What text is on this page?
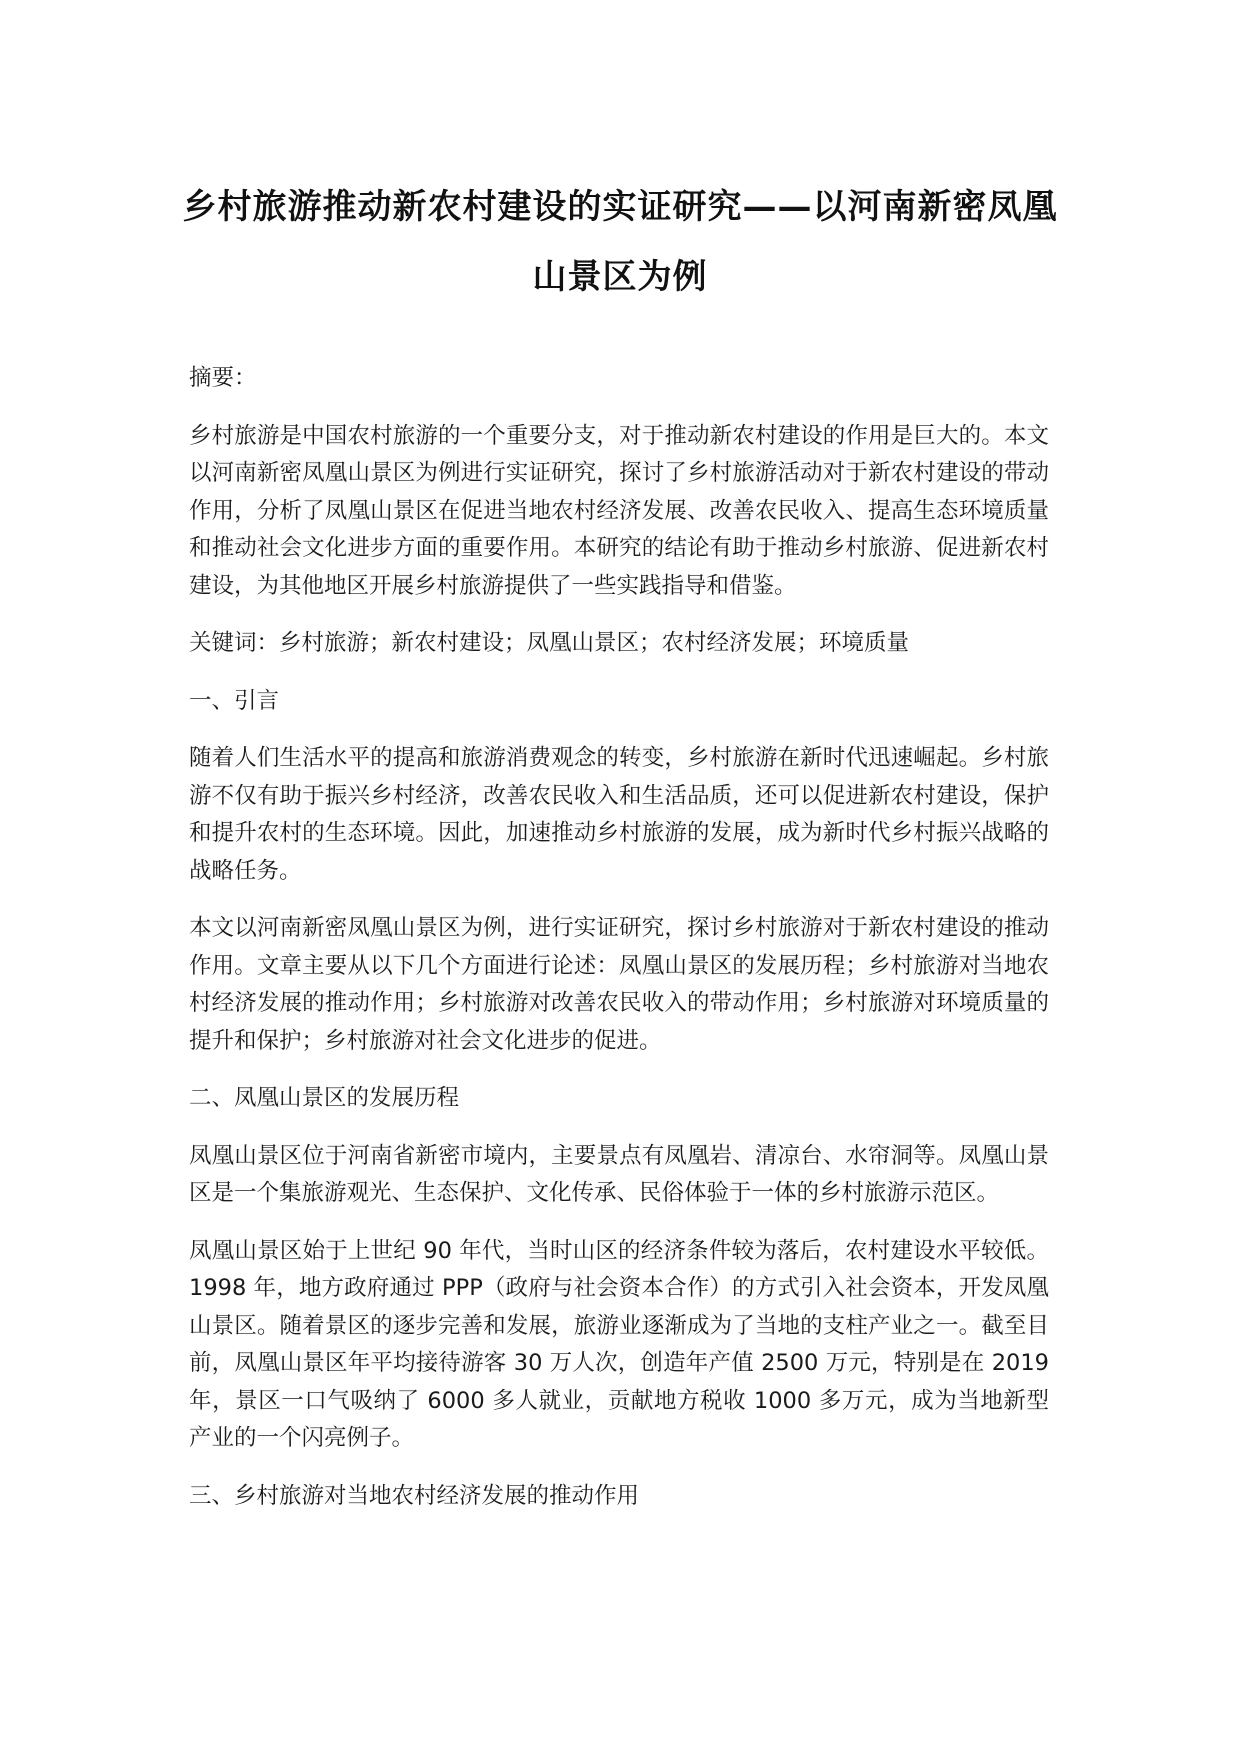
乡村旅游推动新农村建设的实证研究——以河南新密凤凰
山景区为例

摘要：

乡村旅游是中国农村旅游的一个重要分支，对于推动新农村建设的作用是巨大的。本文以河南新密凤凰山景区为例进行实证研究，探讨了乡村旅游活动对于新农村建设的带动作用，分析了凤凰山景区在促进当地农村经济发展、改善农民收入、提高生态环境质量和推动社会文化进步方面的重要作用。本研究的结论有助于推动乡村旅游、促进新农村建设，为其他地区开展乡村旅游提供了一些实践指导和借鉴。

关键词：乡村旅游；新农村建设；凤凰山景区；农村经济发展；环境质量

一、引言

随着人们生活水平的提高和旅游消费观念的转变，乡村旅游在新时代迅速崛起。乡村旅游不仅有助于振兴乡村经济，改善农民收入和生活品质，还可以促进新农村建设，保护和提升农村的生态环境。因此，加速推动乡村旅游的发展，成为新时代乡村振兴战略的战略任务。

本文以河南新密凤凰山景区为例，进行实证研究，探讨乡村旅游对于新农村建设的推动作用。文章主要从以下几个方面进行论述：凤凰山景区的发展历程；乡村旅游对当地农村经济发展的推动作用；乡村旅游对改善农民收入的带动作用；乡村旅游对环境质量的提升和保护；乡村旅游对社会文化进步的促进。

二、凤凰山景区的发展历程

凤凰山景区位于河南省新密市境内，主要景点有凤凰岩、清凉台、水帘洞等。凤凰山景区是一个集旅游观光、生态保护、文化传承、民俗体验于一体的乡村旅游示范区。

凤凰山景区始于上世纪 90 年代，当时山区的经济条件较为落后，农村建设水平较低。1998 年，地方政府通过 PPP（政府与社会资本合作）的方式引入社会资本，开发凤凰山景区。随着景区的逐步完善和发展，旅游业逐渐成为了当地的支柱产业之一。截至目前，凤凰山景区年平均接待游客 30 万人次，创造年产值 2500 万元，特别是在 2019 年，景区一口气吸纳了 6000 多人就业，贡献地方税收 1000 多万元，成为当地新型产业的一个闪亮例子。

三、乡村旅游对当地农村经济发展的推动作用
